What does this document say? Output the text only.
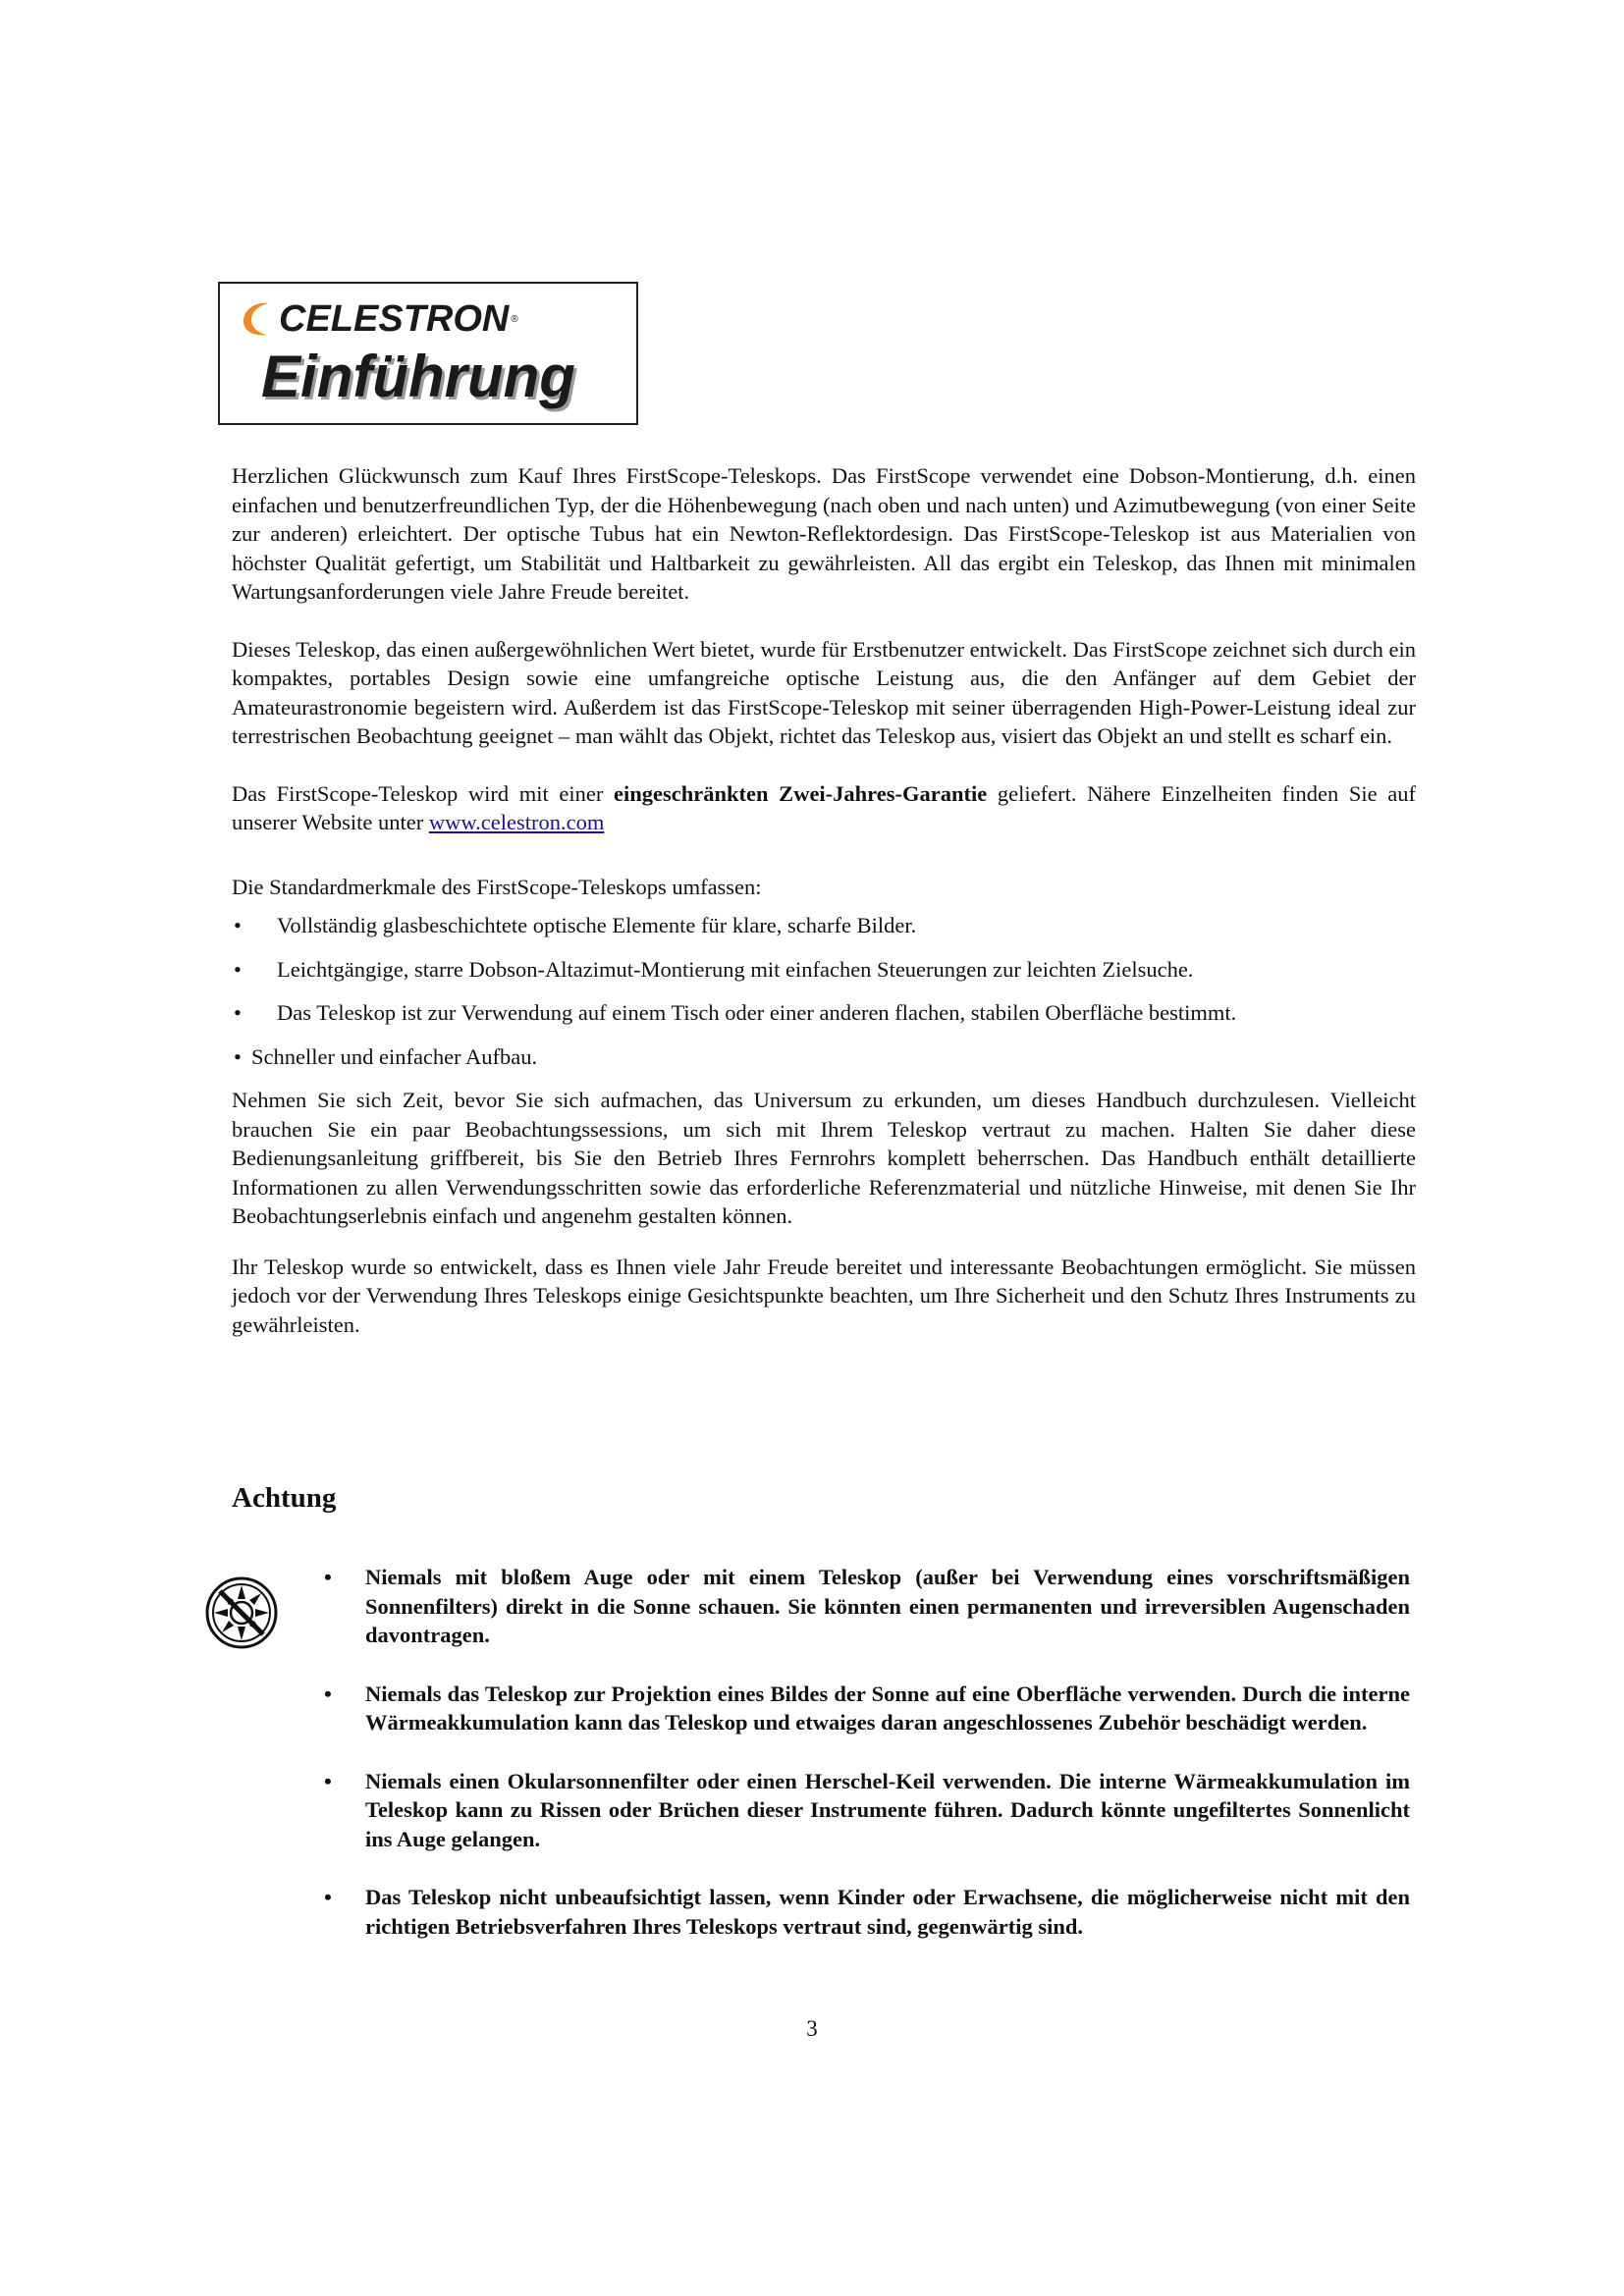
CELESTRON ®
Einführung

Herzlichen Glückwunsch zum Kauf Ihres FirstScope-Teleskops. Das FirstScope verwendet eine Dobson-Montierung, d.h. einen einfachen und benutzerfreundlichen Typ, der die Höhenbewegung (nach oben und nach unten) und Azimutbewegung (von einer Seite zur anderen) erleichtert. Der optische Tubus hat ein Newton-Reflektordesign. Das FirstScope-Teleskop ist aus Materialien von höchster Qualität gefertigt, um Stabilität und Haltbarkeit zu gewährleisten. All das ergibt ein Teleskop, das Ihnen mit minimalen Wartungsanforderungen viele Jahre Freude bereitet.

Dieses Teleskop, das einen außergewöhnlichen Wert bietet, wurde für Erstbenutzer entwickelt. Das FirstScope zeichnet sich durch ein kompaktes, portables Design sowie eine umfangreiche optische Leistung aus, die den Anfänger auf dem Gebiet der Amateurastronomie begeistern wird. Außerdem ist das FirstScope-Teleskop mit seiner überragenden High-Power-Leistung ideal zur terrestrischen Beobachtung geeignet – man wählt das Objekt, richtet das Teleskop aus, visiert das Objekt an und stellt es scharf ein.

Das FirstScope-Teleskop wird mit einer eingeschränkten Zwei-Jahres-Garantie geliefert. Nähere Einzelheiten finden Sie auf unserer Website unter www.celestron.com

Die Standardmerkmale des FirstScope-Teleskops umfassen:

• Vollständig glasbeschichtete optische Elemente für klare, scharfe Bilder.
• Leichtgängige, starre Dobson-Altazimut-Montierung mit einfachen Steuerungen zur leichten Zielsuche.
• Das Teleskop ist zur Verwendung auf einem Tisch oder einer anderen flachen, stabilen Oberfläche bestimmt.
• Schneller und einfacher Aufbau.

Nehmen Sie sich Zeit, bevor Sie sich aufmachen, das Universum zu erkunden, um dieses Handbuch durchzulesen. Vielleicht brauchen Sie ein paar Beobachtungssessions, um sich mit Ihrem Teleskop vertraut zu machen. Halten Sie daher diese Bedienungsanleitung griffbereit, bis Sie den Betrieb Ihres Fernrohrs komplett beherrschen. Das Handbuch enthält detaillierte Informationen zu allen Verwendungsschritten sowie das erforderliche Referenzmaterial und nützliche Hinweise, mit denen Sie Ihr Beobachtungserlebnis einfach und angenehm gestalten können.

Ihr Teleskop wurde so entwickelt, dass es Ihnen viele Jahr Freude bereitet und interessante Beobachtungen ermöglicht. Sie müssen jedoch vor der Verwendung Ihres Teleskops einige Gesichtspunkte beachten, um Ihre Sicherheit und den Schutz Ihres Instruments zu gewährleisten.

Achtung
• Niemals mit bloßem Auge oder mit einem Teleskop (außer bei Verwendung eines vorschriftsmäßigen Sonnenfilters) direkt in die Sonne schauen. Sie könnten einen permanenten und irreversiblen Augenschaden davontragen.
• Niemals das Teleskop zur Projektion eines Bildes der Sonne auf eine Oberfläche verwenden. Durch die interne Wärmeakkumulation kann das Teleskop und etwaiges daran angeschlossenes Zubehör beschädigt werden.
• Niemals einen Okularsonnenfilter oder einen Herschel-Keil verwenden. Die interne Wärmeakkumulation im Teleskop kann zu Rissen oder Brüchen dieser Instrumente führen. Dadurch könnte ungefiltertes Sonnenlicht ins Auge gelangen.
• Das Teleskop nicht unbeaufsichtigt lassen, wenn Kinder oder Erwachsene, die möglicherweise nicht mit den richtigen Betriebsverfahren Ihres Teleskops vertraut sind, gegenwärtig sind.
3
